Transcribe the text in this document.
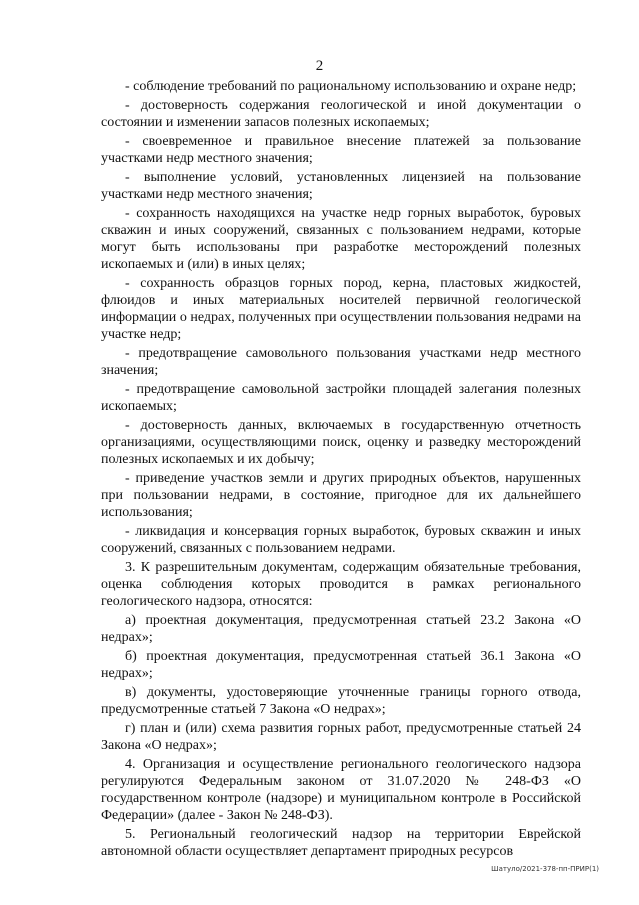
2

- соблюдение требований по рациональному использованию и охране недр;

- достоверность содержания геологической и иной документации о состоянии и изменении запасов полезных ископаемых;

- своевременное и правильное внесение платежей за пользование участками недр местного значения;

- выполнение условий, установленных лицензией на пользование участками недр местного значения;

- сохранность находящихся на участке недр горных выработок, буровых скважин и иных сооружений, связанных с пользованием недрами, которые могут быть использованы при разработке месторождений полезных ископаемых и (или) в иных целях;

- сохранность образцов горных пород, керна, пластовых жидкостей, флюидов и иных материальных носителей первичной геологической информации о недрах, полученных при осуществлении пользования недрами на участке недр;

- предотвращение самовольного пользования участками недр местного значения;

- предотвращение самовольной застройки площадей залегания полезных ископаемых;

- достоверность данных, включаемых в государственную отчетность организациями, осуществляющими поиск, оценку и разведку месторождений полезных ископаемых и их добычу;

- приведение участков земли и других природных объектов, нарушенных при пользовании недрами, в состояние, пригодное для их дальнейшего использования;

- ликвидация и консервация горных выработок, буровых скважин и иных сооружений, связанных с пользованием недрами.

3. К разрешительным документам, содержащим обязательные требования, оценка соблюдения которых проводится в рамках регионального геологического надзора, относятся:

а) проектная документация, предусмотренная статьей 23.2 Закона «О недрах»;

б) проектная документация, предусмотренная статьей 36.1 Закона «О недрах»;

в) документы, удостоверяющие уточненные границы горного отвода, предусмотренные статьей 7 Закона «О недрах»;

г) план и (или) схема развития горных работ, предусмотренные статьей 24 Закона «О недрах»;

4. Организация и осуществление регионального геологического надзора регулируются Федеральным законом от 31.07.2020 № 248-ФЗ «О государственном контроле (надзоре) и муниципальном контроле в Российской Федерации» (далее - Закон № 248-ФЗ).

5. Региональный геологический надзор на территории Еврейской автономной области осуществляет департамент природных ресурсов

Шатуло/2021-378-пп-ПРИР(1)
